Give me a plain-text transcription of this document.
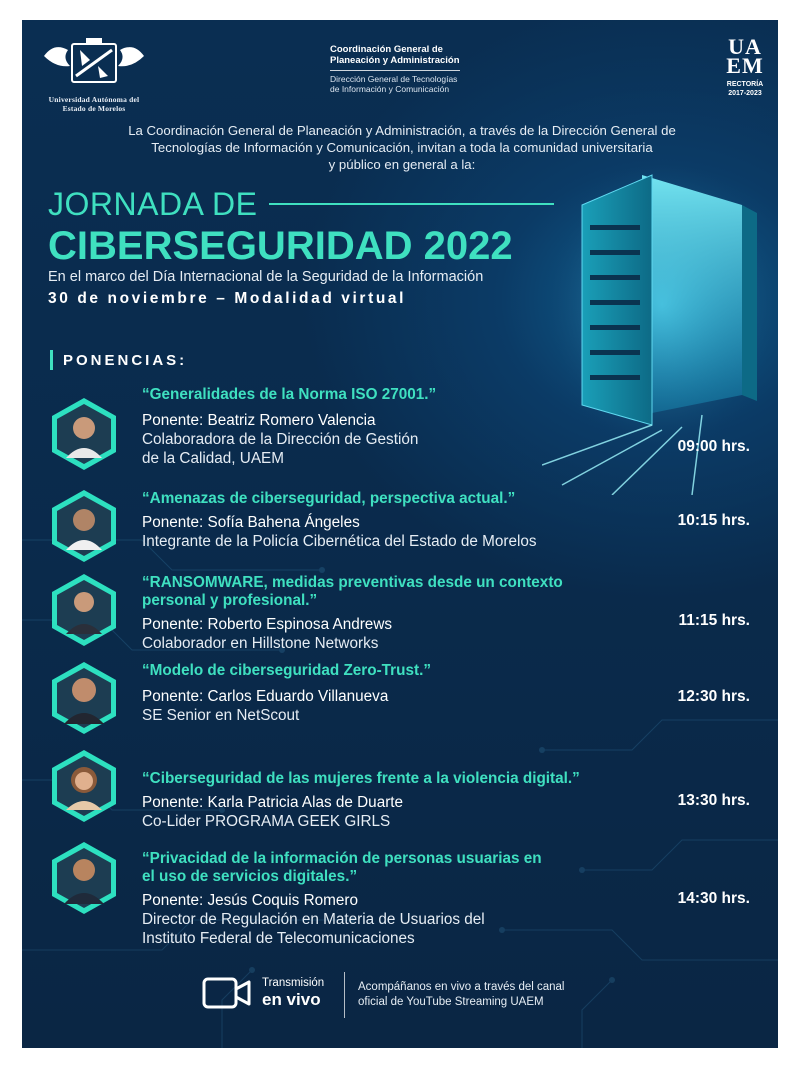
Universidad Autónoma del
Estado de Morelos
Coordinación General de
Planeación y Administración
Dirección General de Tecnologías
de Información y Comunicación
UA
EM
RECTORÍA
2017-2023
La Coordinación General de Planeación y Administración, a través de la Dirección General de
Tecnologías de Información y Comunicación, invitan a toda la comunidad universitaria
y público en general a la:
JORNADA DE
CIBERSEGURIDAD 2022
En el marco del Día Internacional de la Seguridad de la Información
30 de noviembre – Modalidad virtual
PONENCIAS:
“Generalidades de la Norma ISO 27001.”
Ponente: Beatriz Romero Valencia
Colaboradora de la Dirección de Gestión
de la Calidad, UAEM
09:00 hrs.
“Amenazas de ciberseguridad, perspectiva actual.”
Ponente: Sofía Bahena Ángeles
Integrante de la Policía Cibernética del Estado de Morelos
10:15 hrs.
“RANSOMWARE, medidas preventivas desde un contexto
personal y profesional.”
Ponente: Roberto Espinosa Andrews
Colaborador en Hillstone Networks
11:15 hrs.
“Modelo de ciberseguridad Zero-Trust.”
Ponente: Carlos Eduardo Villanueva
SE Senior en NetScout
12:30 hrs.
“Ciberseguridad de las mujeres frente a la violencia digital.”
Ponente: Karla Patricia Alas de Duarte
Co-Lider PROGRAMA GEEK GIRLS
13:30 hrs.
“Privacidad de la información de personas usuarias en
el uso de servicios digitales.”
Ponente: Jesús Coquis Romero
Director de Regulación en Materia de Usuarios del
Instituto Federal de Telecomunicaciones
14:30 hrs.
Transmisión
en vivo
Acompáñanos en vivo a través del canal
oficial de YouTube Streaming UAEM
